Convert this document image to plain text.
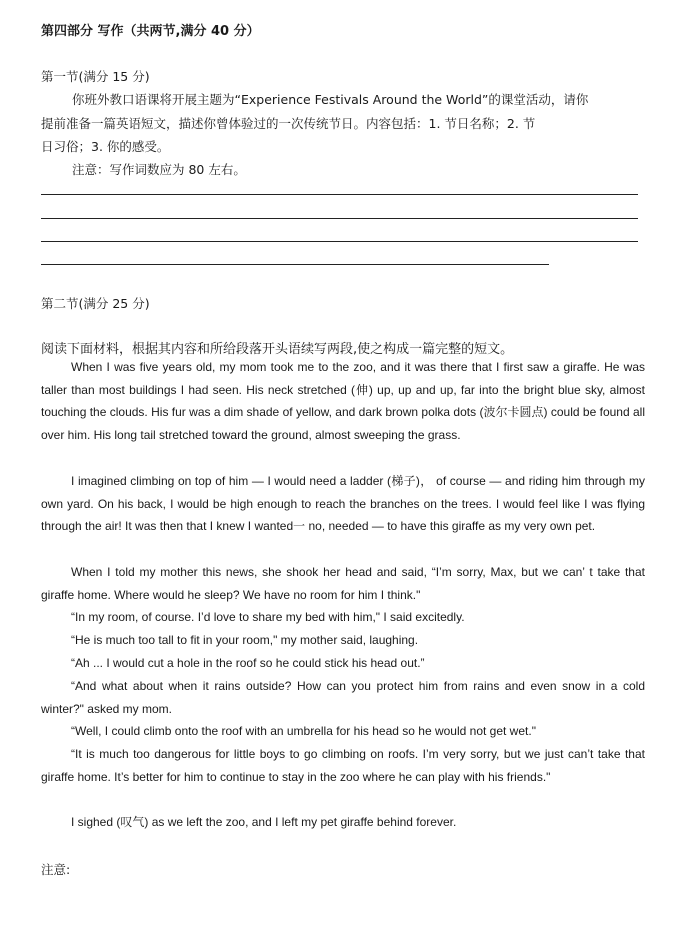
第四部分 写作（共两节,满分 40 分）
第一节(满分 15 分)
你班外教口语课将开展主题为“Experience Festivals Around the World”的课堂活动，请你
提前准备一篇英语短文，描述你曾体验过的一次传统节日。内容包括：1. 节日名称；2. 节
日习俗；3. 你的感受。
注意：写作词数应为 80 左右。
第二节(满分 25 分)
阅读下面材料，根据其内容和所给段落开头语续写两段,使之构成一篇完整的短文。
When I was five years old, my mom took me to the zoo, and it was there that I first saw a giraffe. He was taller than most buildings I had seen. His neck stretched (伸) up, up and up, far into the bright blue sky, almost touching the clouds. His fur was a dim shade of yellow, and dark brown polka dots (波尔卡圆点) could be found all over him. His long tail stretched toward the ground, almost sweeping the grass.
I imagined climbing on top of him — I would need a ladder (梯子)， of course — and riding him through my own yard. On his back, I would be high enough to reach the branches on the trees. I would feel like I was flying through the air! It was then that I knew I wanted一 no, needed — to have this giraffe as my very own pet.
When I told my mother this news, she shook her head and said, “I’m sorry, Max, but we can’ t take that giraffe home. Where would he sleep? We have no room for him I think."
“In my room, of course. I’d love to share my bed with him," I said excitedly.
“He is much too tall to fit in your room," my mother said, laughing.
“Ah ... I would cut a hole in the roof so he could stick his head out.”
“And what about when it rains outside? How can you protect him from rains and even snow in a cold winter?" asked my mom.
“Well, I could climb onto the roof with an umbrella for his head so he would not get wet."
“It is much too dangerous for little boys to go climbing on roofs. I’m very sorry, but we just can’t take that giraffe home. It’s better for him to continue to stay in the zoo where he can play with his friends."
I sighed (叹气) as we left the zoo, and I left my pet giraffe behind forever.
注意:
